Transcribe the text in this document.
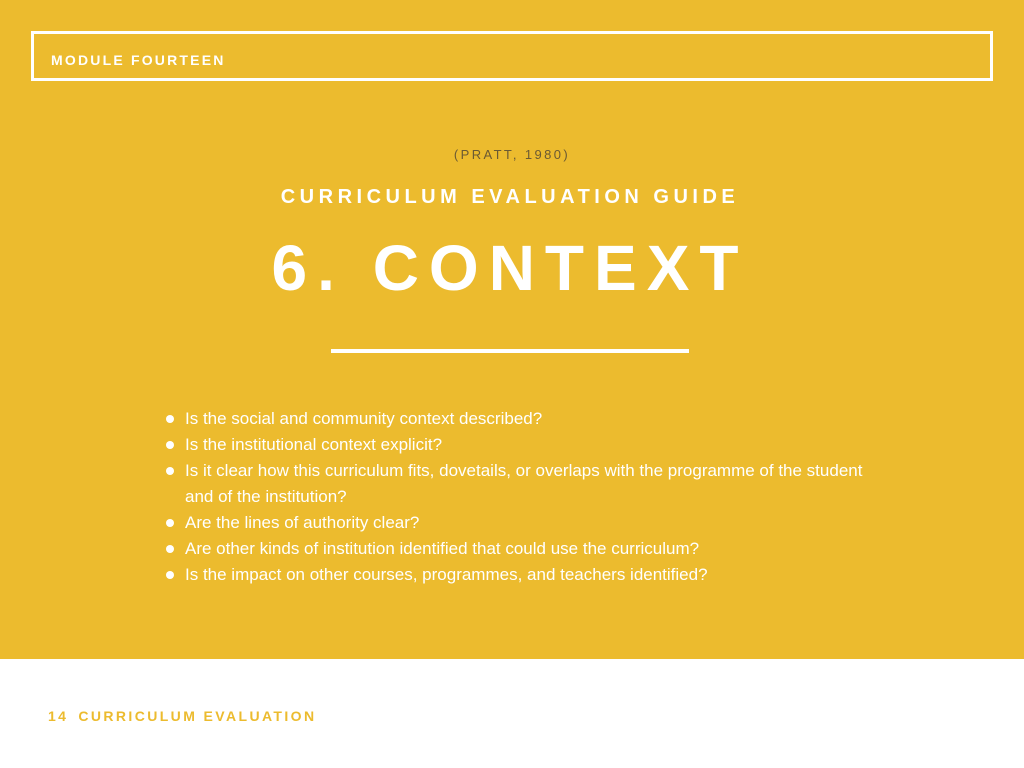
MODULE FOURTEEN
(PRATT, 1980)
CURRICULUM EVALUATION GUIDE
6. CONTEXT
Is the social and community context described?
Is the institutional context explicit?
Is it clear how this curriculum fits, dovetails, or overlaps with the programme of the student and of the institution?
Are the lines of authority clear?
Are other kinds of institution identified that could use the curriculum?
Is the impact on other courses, programmes, and teachers identified?
14 CURRICULUM EVALUATION
